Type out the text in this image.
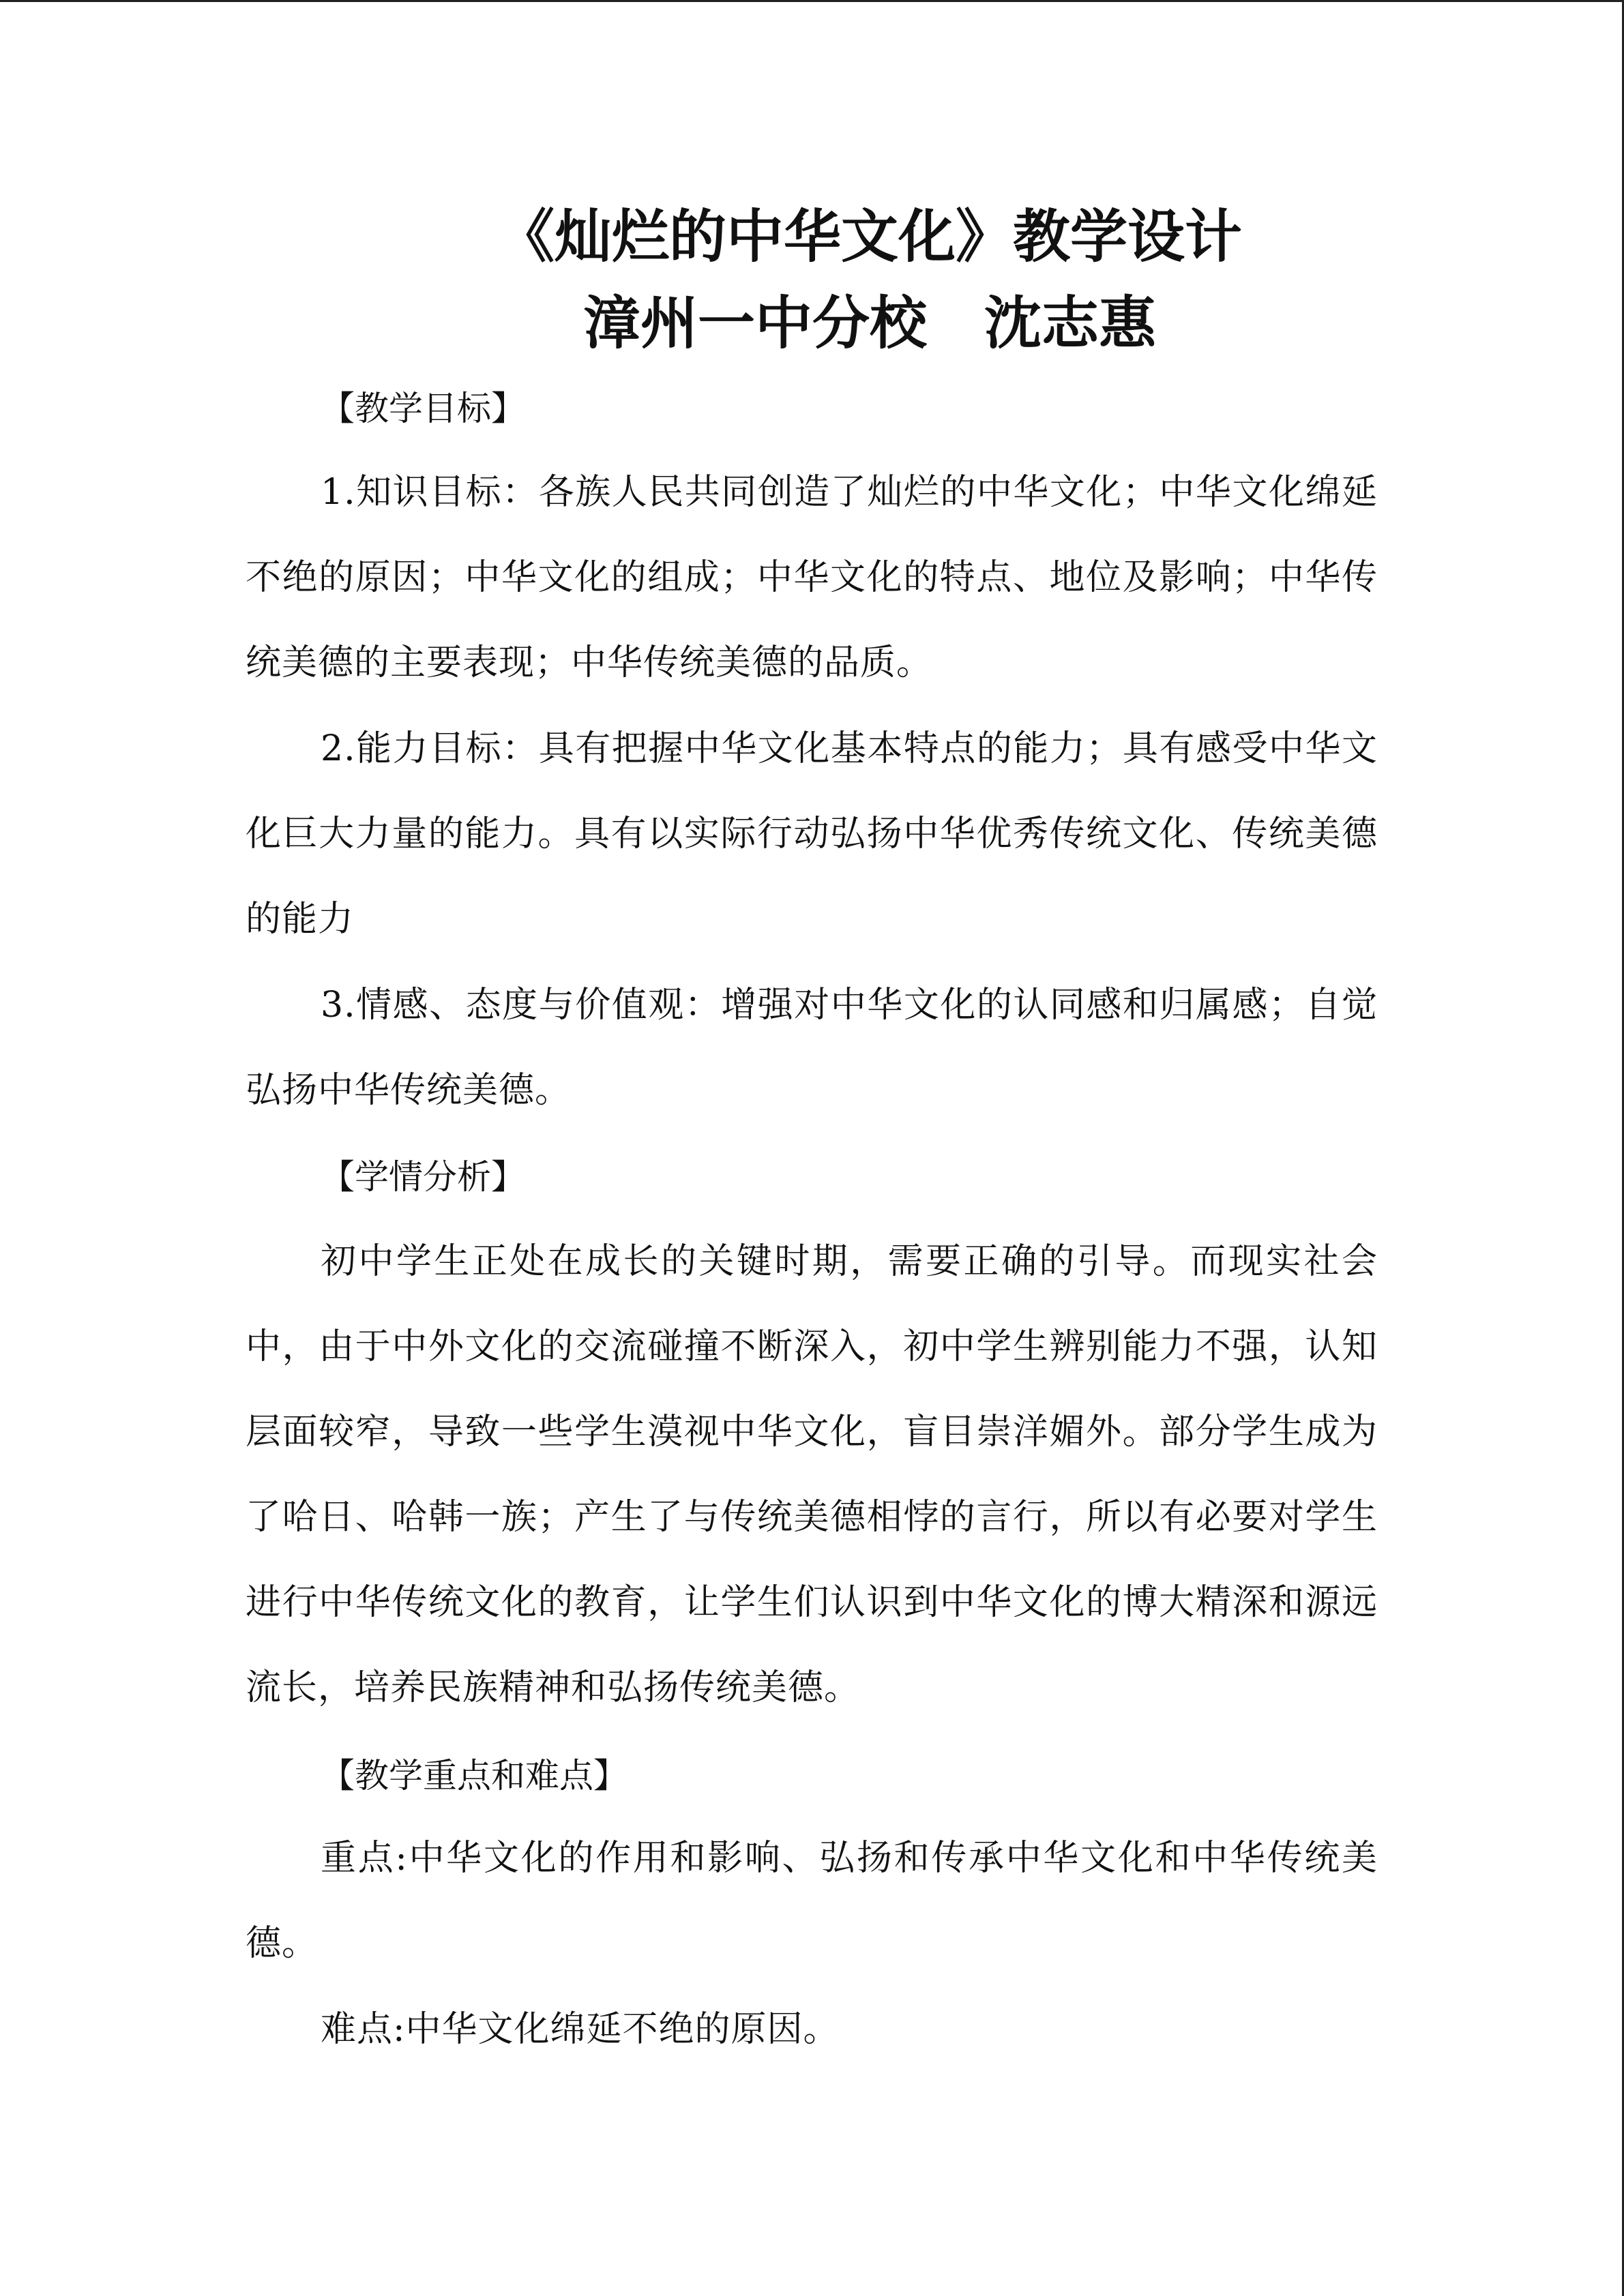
《灿烂的中华文化》教学设计
漳州一中分校　沈志惠
【教学目标】

1.知识目标：各族人民共同创造了灿烂的中华文化；中华文化绵延不绝的原因；中华文化的组成；中华文化的特点、地位及影响；中华传统美德的主要表现；中华传统美德的品质。

2.能力目标：具有把握中华文化基本特点的能力；具有感受中华文化巨大力量的能力。具有以实际行动弘扬中华优秀传统文化、传统美德的能力

3.情感、态度与价值观：增强对中华文化的认同感和归属感；自觉弘扬中华传统美德。

【学情分析】

初中学生正处在成长的关键时期，需要正确的引导。而现实社会中，由于中外文化的交流碰撞不断深入，初中学生辨别能力不强，认知层面较窄，导致一些学生漠视中华文化，盲目崇洋媚外。部分学生成为了哈日、哈韩一族；产生了与传统美德相悖的言行，所以有必要对学生进行中华传统文化的教育，让学生们认识到中华文化的博大精深和源远流长，培养民族精神和弘扬传统美德。

【教学重点和难点】

重点:中华文化的作用和影响、弘扬和传承中华文化和中华传统美德。

难点:中华文化绵延不绝的原因。
